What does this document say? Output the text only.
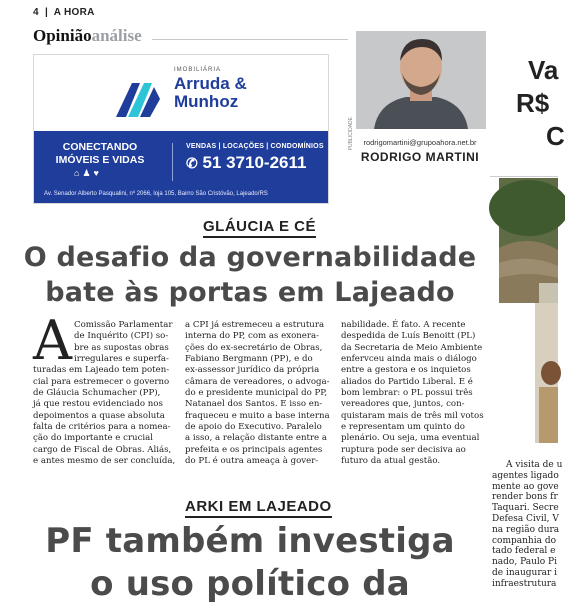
4 | A HORA
Opiniãoanálise
IMOBILIÁRIA
Arruda &
Munhoz
CONECTANDO
IMÓVEIS E VIDAS
⌂♟♥
VENDAS | LOCAÇÕES | CONDOMÍNIOS
✆ 51 3710-2611
Av. Senador Alberto Pasqualini, nº 2066, loja 105, Bairro São Cristóvão, Lajeado/RS
PUBLICIDADE	rodrigomartini@grupoahora.net.br
RODRIGO MARTINI
Va
R$
C
A visita de u
agentes ligado
mente ao gove
render bons fr
Taquari. Secre
Defesa Civil, V
na região dura
companhia do
tado federal e
nado, Paulo Pi
de inaugurar i
infraestrutura
GLÁUCIA E CÉ
O desafio da governabilidade
bate às portas em Lajeado
A Comissão Parlamentar
de Inquérito (CPI) so-
bre as supostas obras
irregulares e superfa-
turadas em Lajeado tem poten-
cial para estremecer o governo
de Gláucia Schumacher (PP),
já que restou evidenciado nos
depoimentos a quase absoluta
falta de critérios para a nomea-
ção do importante e crucial
cargo de Fiscal de Obras. Aliás,
e antes mesmo de ser concluída,
a CPI já estremeceu a estrutura
interna do PP, com as exonera-
ções do ex-secretário de Obras,
Fabiano Bergmann (PP), e do
ex-assessor jurídico da própria
câmara de vereadores, o advoga-
do e presidente municipal do PP,
Natanael dos Santos. E isso en-
fraqueceu e muito a base interna
de apoio do Executivo. Paralelo
a isso, a relação distante entre a
prefeita e os principais agentes
do PL é outra ameaça à gover-
nabilidade. É fato. A recente
despedida de Luís Benoitt (PL)
da Secretaria de Meio Ambiente
enfervceu ainda mais o diálogo
entre a gestora e os inquietos
aliados do Partido Liberal. E é
bom lembrar: o PL possui três
vereadores que, juntos, con-
quistaram mais de três mil votos
e representam um quinto do
plenário. Ou seja, uma eventual
ruptura pode ser decisiva ao
futuro da atual gestão.
ARKI EM LAJEADO
PF também investiga
o uso político da
